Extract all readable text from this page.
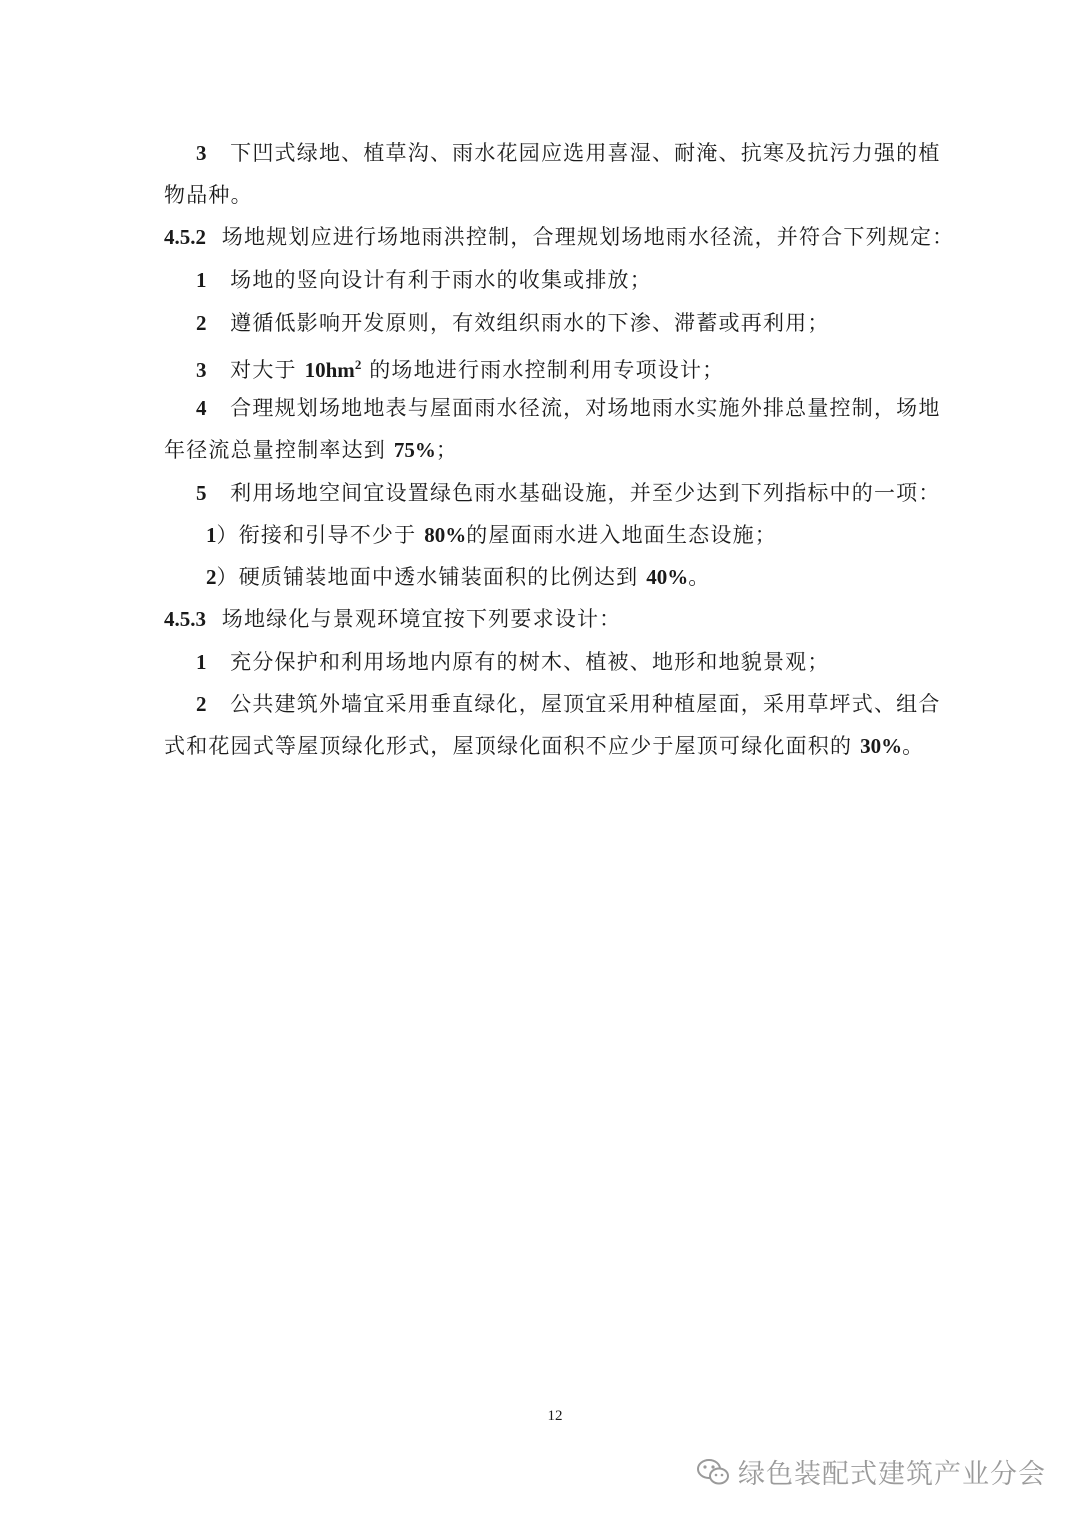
3 下凹式绿地、植草沟、雨水花园应选用喜湿、耐淹、抗寒及抗污力强的植
物品种。
4.5.2 场地规划应进行场地雨洪控制，合理规划场地雨水径流，并符合下列规定：
1 场地的竖向设计有利于雨水的收集或排放；
2 遵循低影响开发原则，有效组织雨水的下渗、滞蓄或再利用；
3 对大于 $10hm^2$ 的场地进行雨水控制利用专项设计；
4 合理规划场地地表与屋面雨水径流，对场地雨水实施外排总量控制，场地
年径流总量控制率达到 75%；
5 利用场地空间宜设置绿色雨水基础设施，并至少达到下列指标中的一项：
1）衔接和引导不少于 80%的屋面雨水进入地面生态设施；
2）硬质铺装地面中透水铺装面积的比例达到 40%。
4.5.3 场地绿化与景观环境宜按下列要求设计：
1 充分保护和利用场地内原有的树木、植被、地形和地貌景观；
2 公共建筑外墙宜采用垂直绿化，屋顶宜采用种植屋面，采用草坪式、组合
式和花园式等屋顶绿化形式，屋顶绿化面积不应少于屋顶可绿化面积的 30%。
12
绿色装配式建筑产业分会
